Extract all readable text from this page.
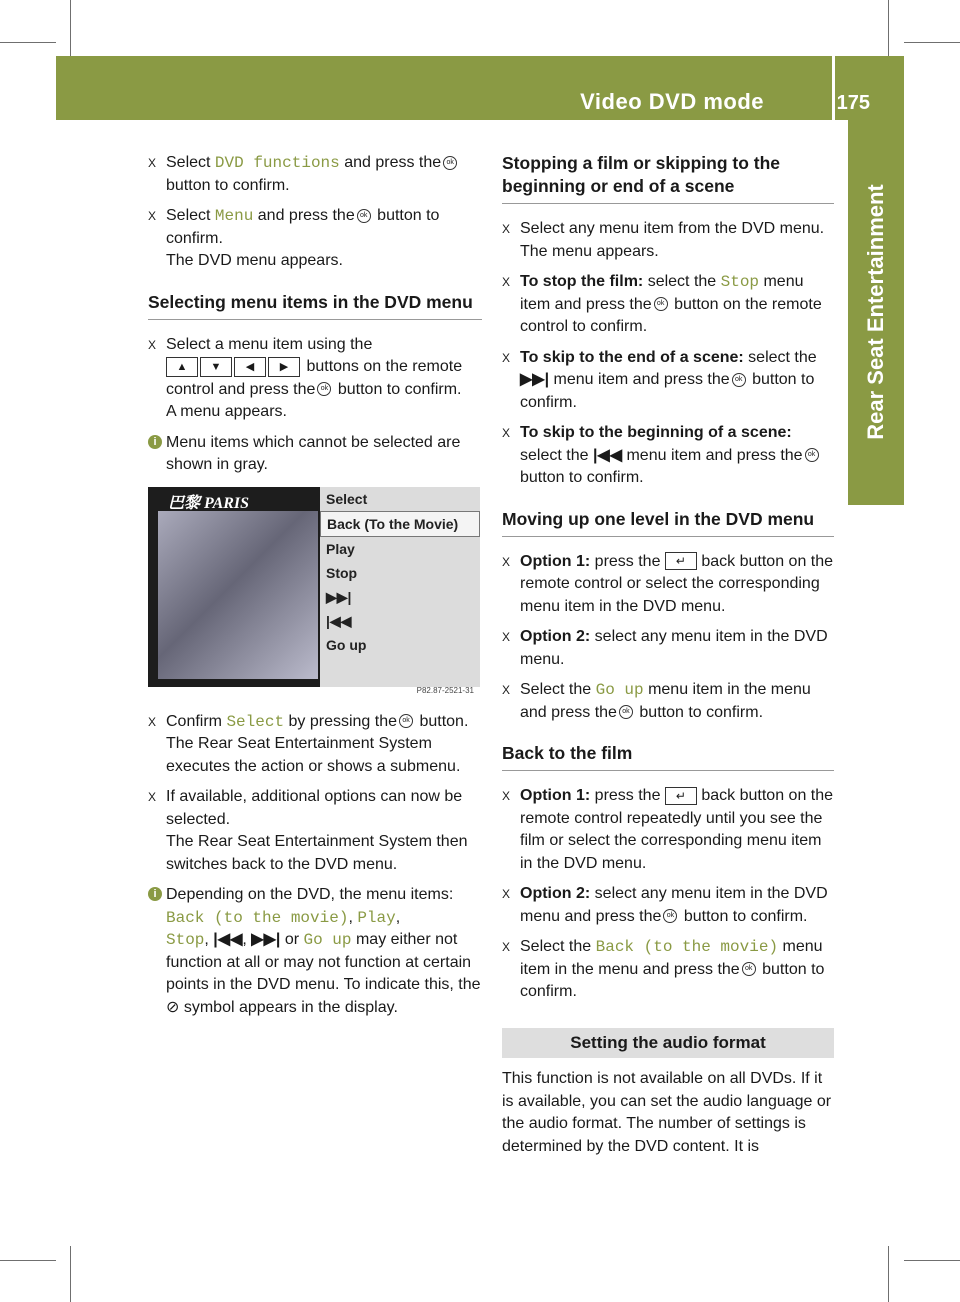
Video DVD mode	175
Rear Seat Entertainment

X Select DVD functions and press the ok button to confirm.

X Select Menu and press the ok button to confirm.
The DVD menu appears.

Selecting menu items in the DVD menu

X Select a menu item using the
▲ ▼ ◀ ▶ buttons on the remote control and press the ok button to confirm.
A menu appears.

i Menu items which cannot be selected are shown in gray.

巴黎 PARIS	Select
Back (To the Movie)
Play
Stop
▶▶|
|◀◀
Go up
P82.87-2521-31

X Confirm Select by pressing the ok button.
The Rear Seat Entertainment System executes the action or shows a submenu.

X If available, additional options can now be selected.
The Rear Seat Entertainment System then switches back to the DVD menu.

i Depending on the DVD, the menu items:
Back (to the movie), Play,
Stop, |◀◀, ▶▶| or Go up may either not function at all or may not function at certain points in the DVD menu. To indicate this, the ⊘ symbol appears in the display.

Stopping a film or skipping to the beginning or end of a scene

X Select any menu item from the DVD menu.
The menu appears.

X To stop the film: select the Stop menu item and press the ok button on the remote control to confirm.

X To skip to the end of a scene: select the ▶▶| menu item and press the ok button to confirm.

X To skip to the beginning of a scene: select the |◀◀ menu item and press the ok button to confirm.

Moving up one level in the DVD menu

X Option 1: press the ↵ back button on the remote control or select the corresponding menu item in the DVD menu.

X Option 2: select any menu item in the DVD menu.

X Select the Go up menu item in the menu and press the ok button to confirm.

Back to the film

X Option 1: press the ↵ back button on the remote control repeatedly until you see the film or select the corresponding menu item in the DVD menu.

X Option 2: select any menu item in the DVD menu and press the ok button to confirm.

X Select the Back (to the movie) menu item in the menu and press the ok button to confirm.

Setting the audio format

This function is not available on all DVDs. If it is available, you can set the audio language or the audio format. The number of settings is determined by the DVD content. It is
